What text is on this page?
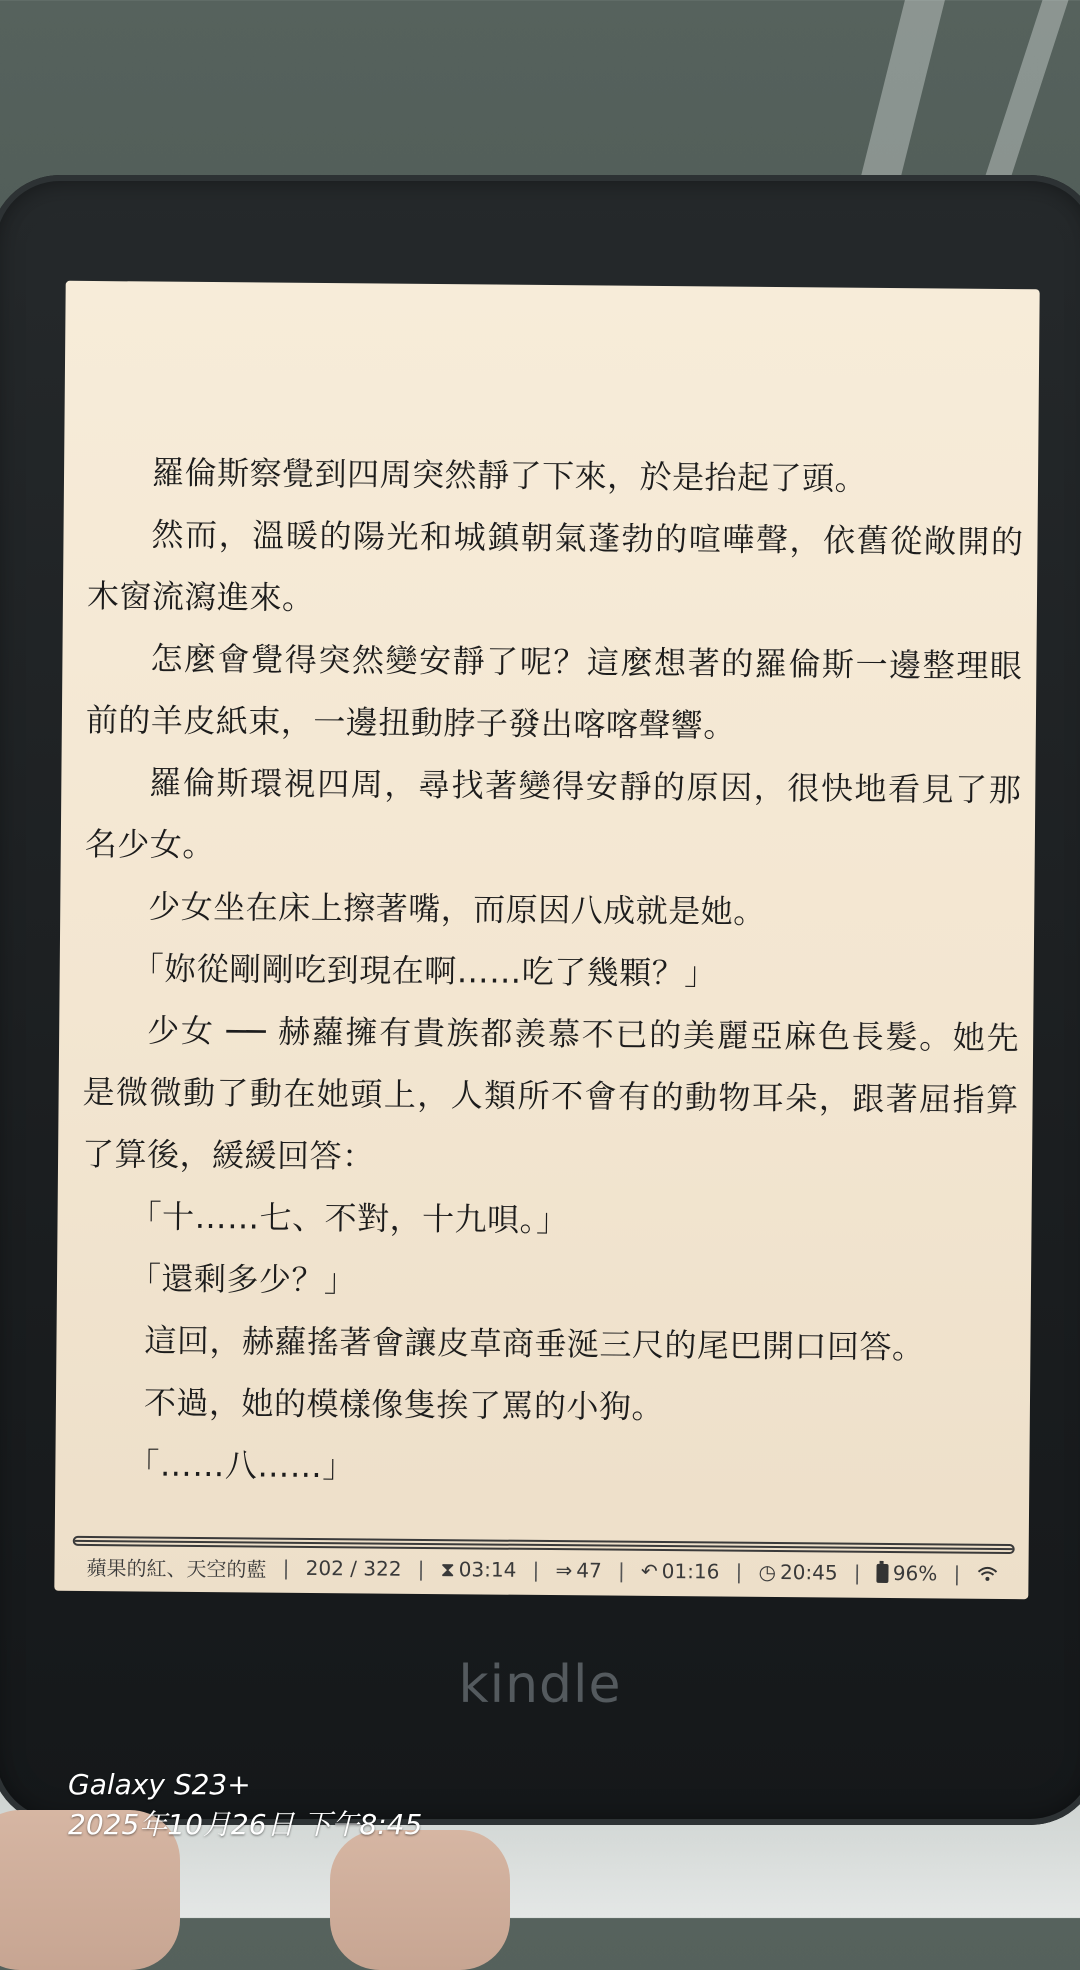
羅倫斯察覺到四周突然靜了下來，於是抬起了頭。

然而，溫暖的陽光和城鎮朝氣蓬勃的喧嘩聲，依舊從敞開的木窗流瀉進來。

怎麼會覺得突然變安靜了呢？這麼想著的羅倫斯一邊整理眼前的羊皮紙束，一邊扭動脖子發出喀喀聲響。

羅倫斯環視四周，尋找著變得安靜的原因，很快地看見了那名少女。

少女坐在床上擦著嘴，而原因八成就是她。

「妳從剛剛吃到現在啊……吃了幾顆？」

少女 ── 赫蘿擁有貴族都羨慕不已的美麗亞麻色長髮。她先是微微動了動在她頭上，人類所不會有的動物耳朵，跟著屈指算了算後，緩緩回答：

「十……七、不對，十九唄。」

「還剩多少？」

這回，赫蘿搖著會讓皮草商垂涎三尺的尾巴開口回答。

不過，她的模樣像隻挨了罵的小狗。

「……八……」

蘋果的紅、天空的藍 | 202 / 322 | ⧗ 03:14 | ⇒ 47 | ↶ 01:16 | ◷ 20:45 | 96% |
kindle
Galaxy S23+
2025年10月26日 下午8:45
